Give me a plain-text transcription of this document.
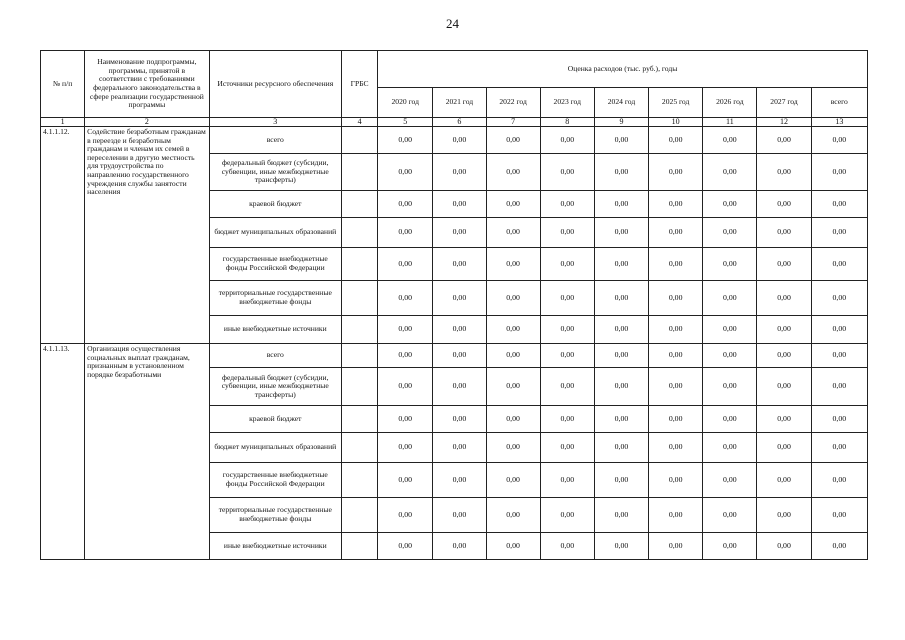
24
№ п/п	Наименование подпрограммы, программы, принятой в соответствии с требованиями федерального законодательства в сфере реализации государственной программы	Источники ресурсного обеспечения	ГРБС	Оценка расходов (тыс. руб.), годы								
				2020 год	2021 год	2022 год	2023 год	2024 год	2025 год	2026 год	2027 год	всего
1	2	3	4	5	6	7	8	9	10	11	12	13
4.1.1.12.	Содействие безработным гражданам в переезде и безработным гражданам и членам их семей в переселении в другую местность для трудоустройства по направлению государственного учреждения службы занятости населения	всего		0,00	0,00	0,00	0,00	0,00	0,00	0,00	0,00	0,00
		федеральный бюджет (субсидии, субвенции, иные межбюджетные трансферты)		0,00	0,00	0,00	0,00	0,00	0,00	0,00	0,00	0,00
		краевой бюджет		0,00	0,00	0,00	0,00	0,00	0,00	0,00	0,00	0,00
		бюджет муниципальных образований		0,00	0,00	0,00	0,00	0,00	0,00	0,00	0,00	0,00
		государственные внебюджетные фонды Российской Федерации		0,00	0,00	0,00	0,00	0,00	0,00	0,00	0,00	0,00
		территориальные государственные внебюджетные фонды		0,00	0,00	0,00	0,00	0,00	0,00	0,00	0,00	0,00
		иные внебюджетные источники		0,00	0,00	0,00	0,00	0,00	0,00	0,00	0,00	0,00
4.1.1.13.	Организация осуществления социальных выплат гражданам, признанным в установленном порядке безработными	всего		0,00	0,00	0,00	0,00	0,00	0,00	0,00	0,00	0,00
		федеральный бюджет (субсидии, субвенции, иные межбюджетные трансферты)		0,00	0,00	0,00	0,00	0,00	0,00	0,00	0,00	0,00
		краевой бюджет		0,00	0,00	0,00	0,00	0,00	0,00	0,00	0,00	0,00
		бюджет муниципальных образований		0,00	0,00	0,00	0,00	0,00	0,00	0,00	0,00	0,00
		государственные внебюджетные фонды Российской Федерации		0,00	0,00	0,00	0,00	0,00	0,00	0,00	0,00	0,00
		территориальные государственные внебюджетные фонды		0,00	0,00	0,00	0,00	0,00	0,00	0,00	0,00	0,00
		иные внебюджетные источники		0,00	0,00	0,00	0,00	0,00	0,00	0,00	0,00	0,00
